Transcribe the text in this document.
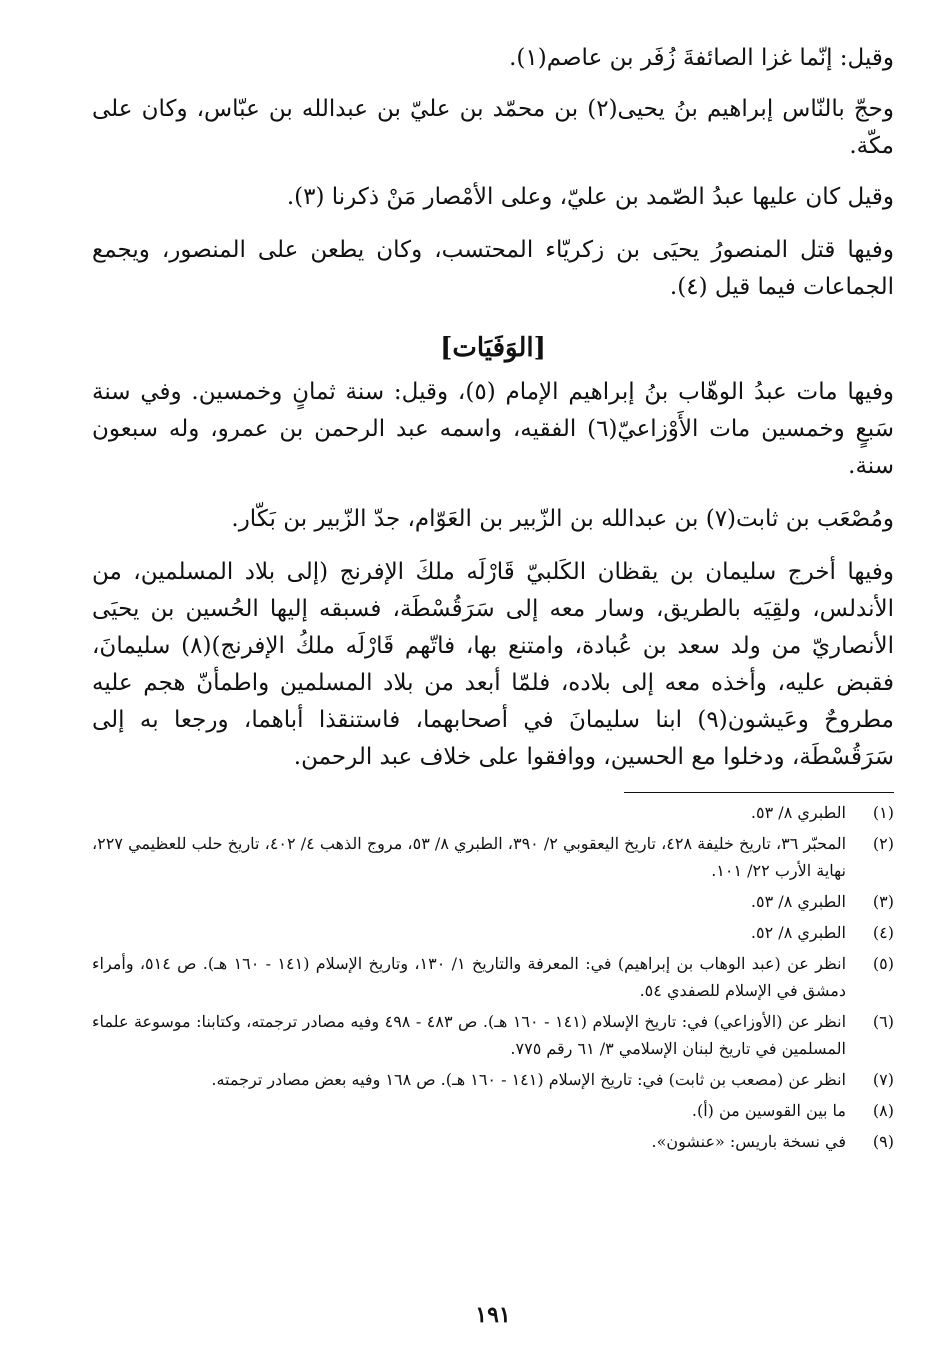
وقيل: إنّما غزا الصائفةَ زُفَر بن عاصم(١).

وحجّ بالنّاس إبراهيم بنُ يحيى(٢) بن محمّد بن عليّ بن عبدالله بن عبّاس، وكان على مكّة.

وقيل كان عليها عبدُ الصّمد بن عليّ، وعلى الأمْصار مَنْ ذكرنا (٣).

وفيها قتل المنصورُ يحيَى بن زكريّاء المحتسب، وكان يطعن على المنصور، ويجمع الجماعات فيما قيل (٤).

[الوَفَيَات]

وفيها مات عبدُ الوهّاب بنُ إبراهيم الإمام (٥)، وقيل: سنة ثمانٍ وخمسين. وفي سنة سَبعٍ وخمسين مات الأَوْزاعيّ(٦) الفقيه، واسمه عبد الرحمن بن عمرو، وله سبعون سنة.

ومُصْعَب بن ثابت(٧) بن عبدالله بن الزّبير بن العَوّام، جدّ الزّبير بن بَكّار.

وفيها أخرج سليمان بن يقظان الكَلبيّ قَارْلَه ملكَ الإفرنج (إلى بلاد المسلمين، من الأندلس، ولقِيَه بالطريق، وسار معه إلى سَرَقُسْطَة، فسبقه إليها الحُسين بن يحيَى الأنصاريّ من ولد سعد بن عُبادة، وامتنع بها، فاتّهم قَارْلَه ملكُ الإفرنج)(٨) سليمانَ، فقبض عليه، وأخذه معه إلى بلاده، فلمّا أبعد من بلاد المسلمين واطمأنّ هجم عليه مطروحٌ وعَيشون(٩) ابنا سليمانَ في أصحابهما، فاستنقذا أباهما، ورجعا به إلى سَرَقُسْطَة، ودخلوا مع الحسين، ووافقوا على خلاف عبد الرحمن.

(١)
الطبري ٨/ ٥٣.
(٢)
المحبّر ٣٦، تاريخ خليفة ٤٢٨، تاريخ اليعقوبي ٢/ ٣٩٠، الطبري ٨/ ٥٣، مروج الذهب ٤/ ٤٠٢، تاريخ حلب للعظيمي ٢٢٧، نهاية الأرب ٢٢/ ١٠١.
(٣)
الطبري ٨/ ٥٣.
(٤)
الطبري ٨/ ٥٢.
(٥)
انظر عن (عبد الوهاب بن إبراهيم) في: المعرفة والتاريخ ١/ ١٣٠، وتاريخ الإسلام (١٤١ - ١٦٠ هـ). ص ٥١٤، وأمراء دمشق في الإسلام للصفدي ٥٤.
(٦)
انظر عن (الأوزاعي) في: تاريخ الإسلام (١٤١ - ١٦٠ هـ). ص ٤٨٣ - ٤٩٨ وفيه مصادر ترجمته، وكتابنا: موسوعة علماء المسلمين في تاريخ لبنان الإسلامي ٣/ ٦١ رقم ٧٧٥.
(٧)
انظر عن (مصعب بن ثابت) في: تاريخ الإسلام (١٤١ - ١٦٠ هـ). ص ١٦٨ وفيه بعض مصادر ترجمته.
(٨)
ما بين القوسين من (أ).
(٩)
في نسخة باريس: «عنشون».
١٩١
